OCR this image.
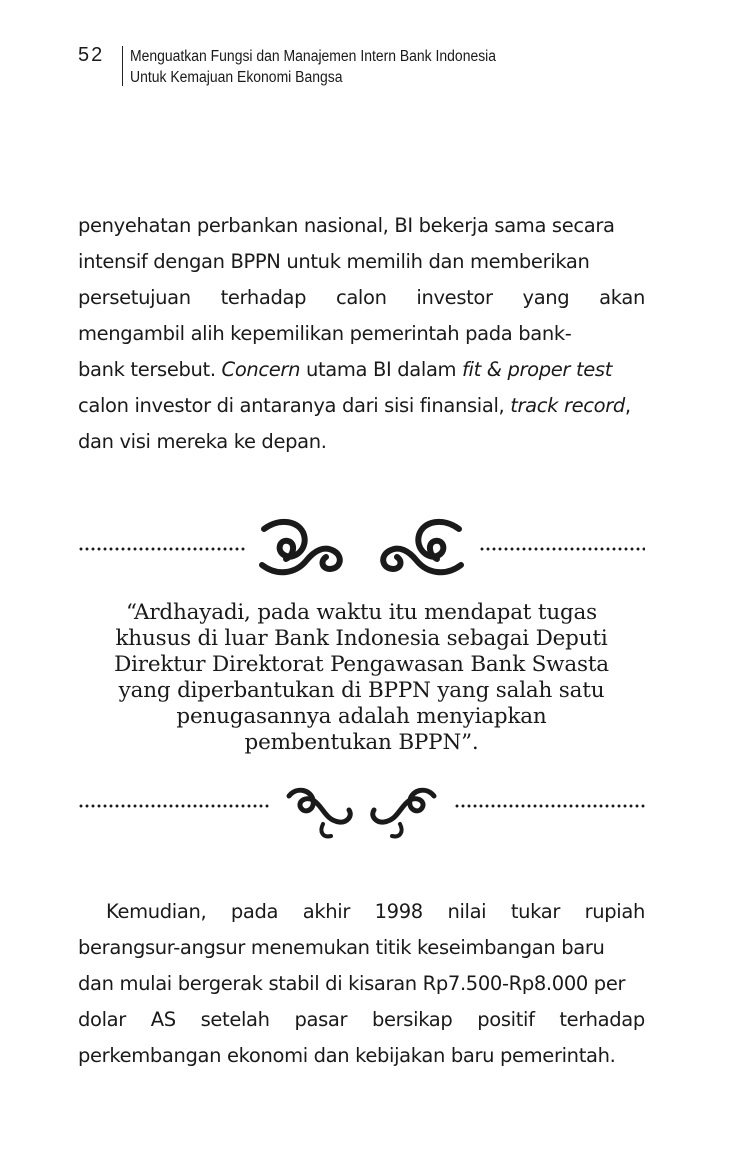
52 Menguatkan Fungsi dan Manajemen Intern Bank Indonesia
Untuk Kemajuan Ekonomi Bangsa
penyehatan perbankan nasional, BI bekerja sama secara
intensif dengan BPPN untuk memilih dan memberikan
persetujuan terhadap calon investor yang akan
mengambil alih kepemilikan pemerintah pada bank-
bank tersebut. Concern utama BI dalam fit & proper test
calon investor di antaranya dari sisi finansial, track record,
dan visi mereka ke depan.
“Ardhayadi, pada waktu itu mendapat tugas
khusus di luar Bank Indonesia sebagai Deputi
Direktur Direktorat Pengawasan Bank Swasta
yang diperbantukan di BPPN yang salah satu
penugasannya adalah menyiapkan
pembentukan BPPN”.
Kemudian, pada akhir 1998 nilai tukar rupiah
berangsur-angsur menemukan titik keseimbangan baru
dan mulai bergerak stabil di kisaran Rp7.500-Rp8.000 per
dolar AS setelah pasar bersikap positif terhadap
perkembangan ekonomi dan kebijakan baru pemerintah.
